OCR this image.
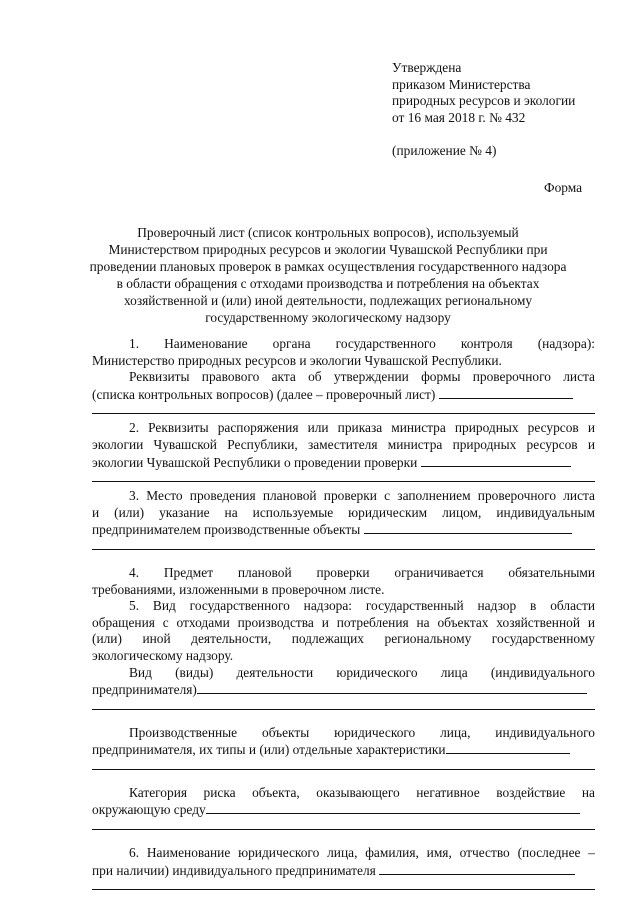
Утверждена
приказом Министерства
природных ресурсов и экологии
от 16 мая 2018 г. № 432
(приложение № 4)
Форма
Проверочный лист (список контрольных вопросов), используемый
Министерством природных ресурсов и экологии Чувашской Республики при
проведении плановых проверок в рамках осуществления государственного надзора
в области обращения с отходами производства и потребления на объектах
хозяйственной и (или) иной деятельности, подлежащих региональному
государственному экологическому надзору

1. Наименование органа государственного контроля (надзора):

Министерство природных ресурсов и экологии Чувашской Республики.

Реквизиты правового акта об утверждении формы проверочного листа

(списка контрольных вопросов) (далее – проверочный лист)

2. Реквизиты распоряжения или приказа министра природных ресурсов и

экологии Чувашской Республики, заместителя министра природных ресурсов и

экологии Чувашской Республики о проведении проверки

3. Место проведения плановой проверки с заполнением проверочного листа

и (или) указание на используемые юридическим лицом, индивидуальным

предпринимателем производственные объекты

4. Предмет плановой проверки ограничивается обязательными

требованиями, изложенными в проверочном листе.

5. Вид государственного надзора: государственный надзор в области

обращения с отходами производства и потребления на объектах хозяйственной и

(или) иной деятельности, подлежащих региональному государственному

экологическому надзору.

Вид (виды) деятельности юридического лица (индивидуального

предпринимателя)

Производственные объекты юридического лица, индивидуального

предпринимателя, их типы и (или) отдельные характеристики

Категория риска объекта, оказывающего негативное воздействие на

окружающую среду

6. Наименование юридического лица, фамилия, имя, отчество (последнее –

при наличии) индивидуального предпринимателя
